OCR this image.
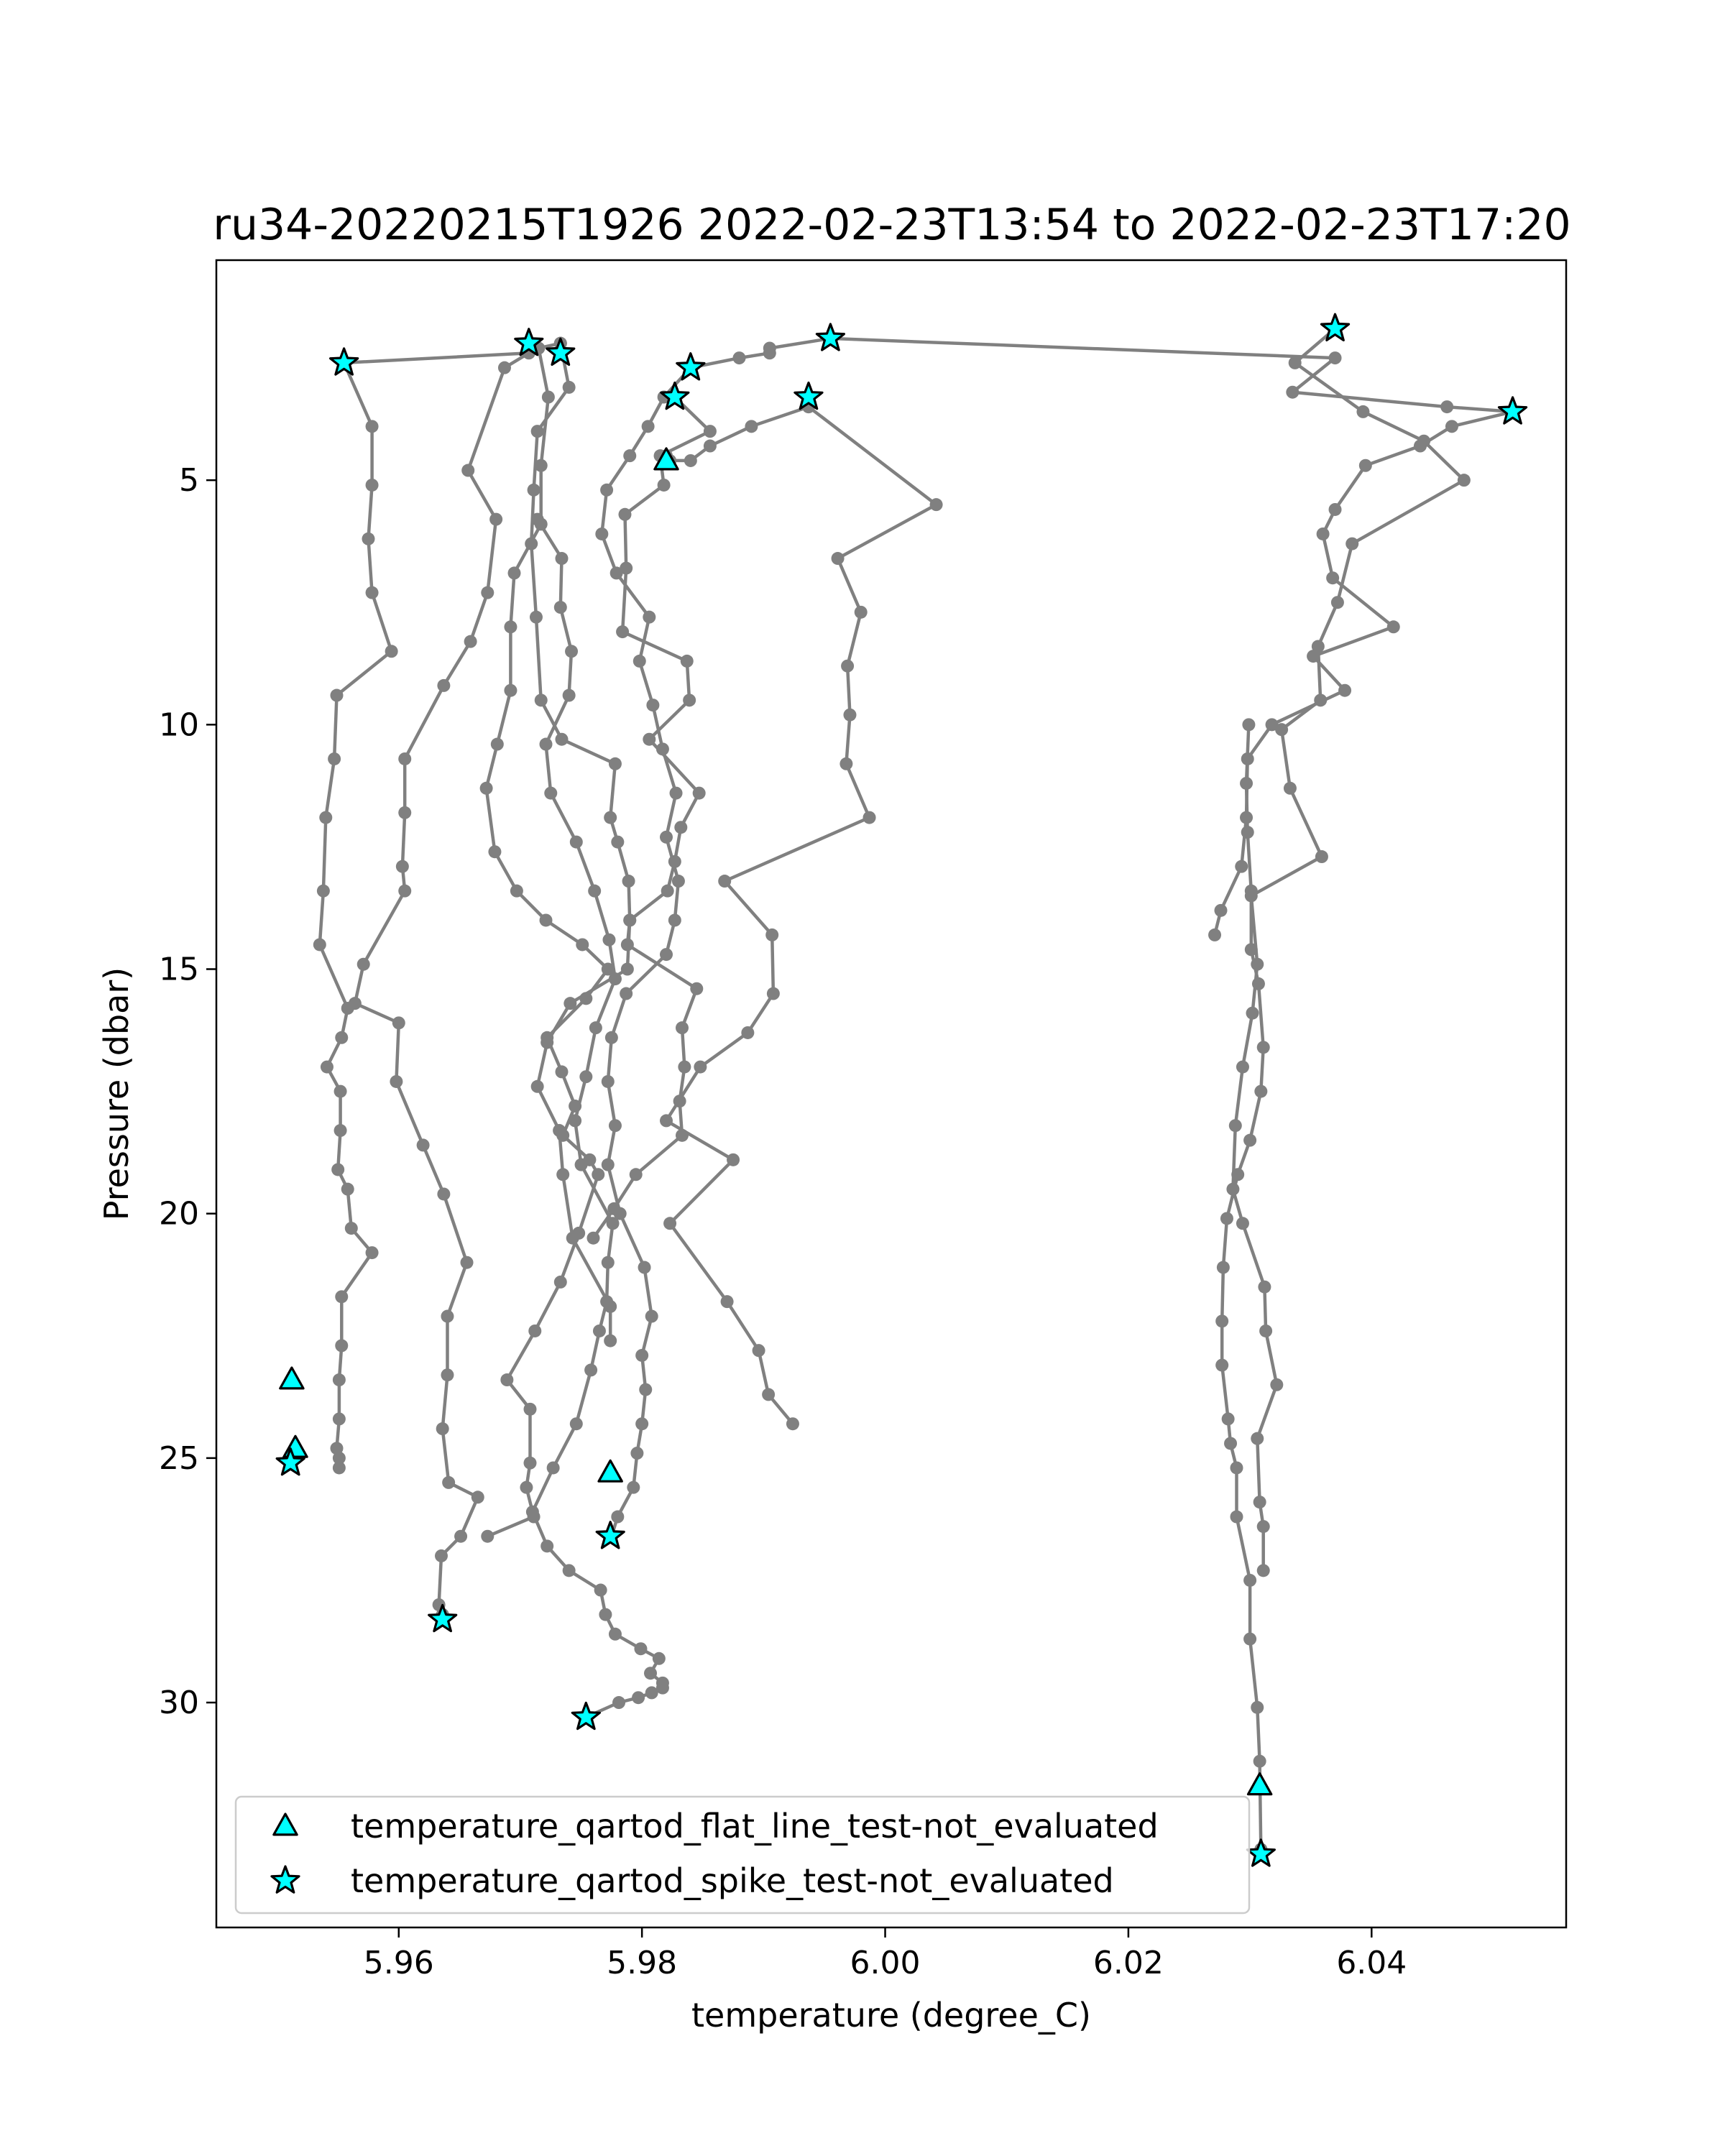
ru34-20220215T1926 2022-02-23T13:54 to 2022-02-23T17:20
5.96	5.98	6.00	6.02	6.04
5
10
15
20
25
30
temperature (degree_C)
Pressure (dbar)
temperature_qartod_flat_line_test-not_evaluated
temperature_qartod_spike_test-not_evaluated
